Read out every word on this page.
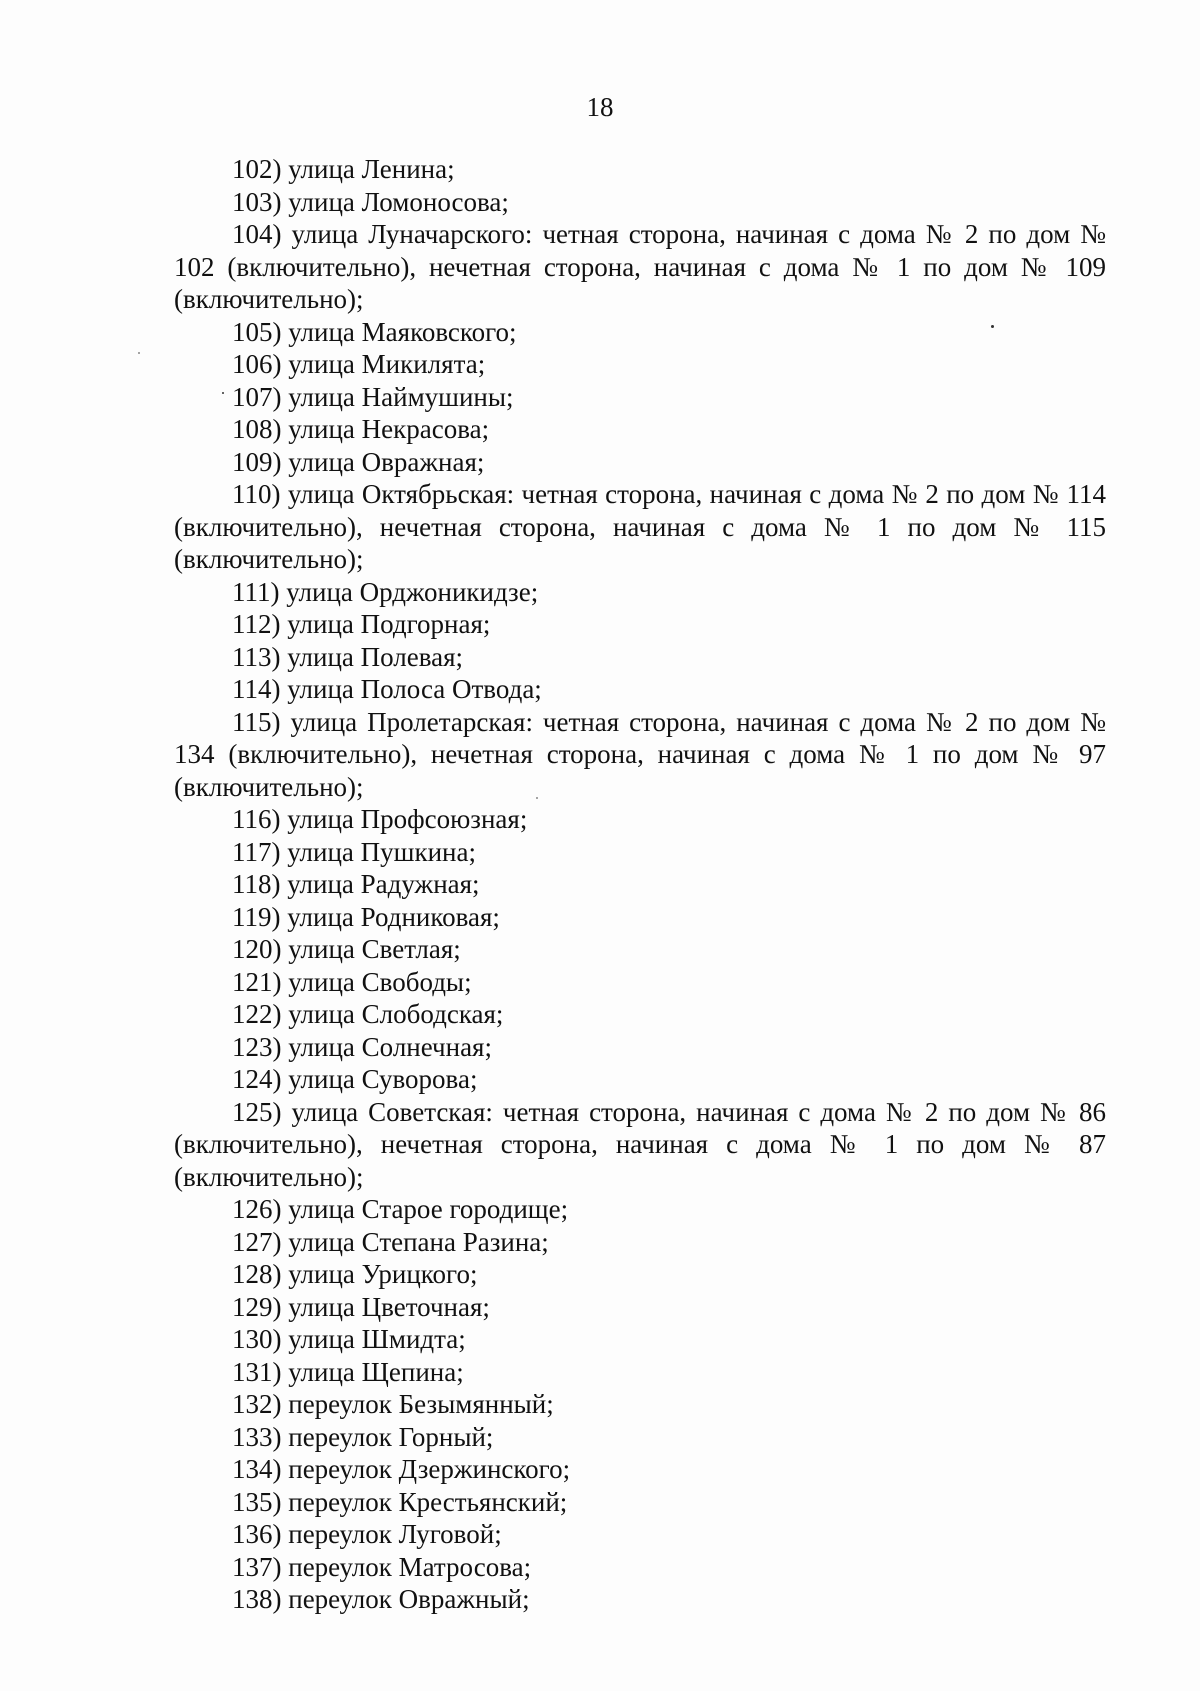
18

102) улица Ленина;

103) улица Ломоносова;

104) улица Луначарского: четная сторона, начиная с дома № 2 по дом № 102 (включительно), нечетная сторона, начиная с дома № 1 по дом № 109 (включительно);

105) улица Маяковского;

106) улица Микилята;

107) улица Наймушины;

108) улица Некрасова;

109) улица Овражная;

110) улица Октябрьская: четная сторона, начиная с дома № 2 по дом № 114 (включительно), нечетная сторона, начиная с дома № 1 по дом № 115 (включительно);

111) улица Орджоникидзе;

112) улица Подгорная;

113) улица Полевая;

114) улица Полоса Отвода;

115) улица Пролетарская: четная сторона, начиная с дома № 2 по дом № 134 (включительно), нечетная сторона, начиная с дома № 1 по дом № 97 (включительно);

116) улица Профсоюзная;

117) улица Пушкина;

118) улица Радужная;

119) улица Родниковая;

120) улица Светлая;

121) улица Свободы;

122) улица Слободская;

123) улица Солнечная;

124) улица Суворова;

125) улица Советская: четная сторона, начиная с дома № 2 по дом № 86 (включительно), нечетная сторона, начиная с дома № 1 по дом № 87 (включительно);

126) улица Старое городище;

127) улица Степана Разина;

128) улица Урицкого;

129) улица Цветочная;

130) улица Шмидта;

131) улица Щепина;

132) переулок Безымянный;

133) переулок Горный;

134) переулок Дзержинского;

135) переулок Крестьянский;

136) переулок Луговой;

137) переулок Матросова;

138) переулок Овражный;
